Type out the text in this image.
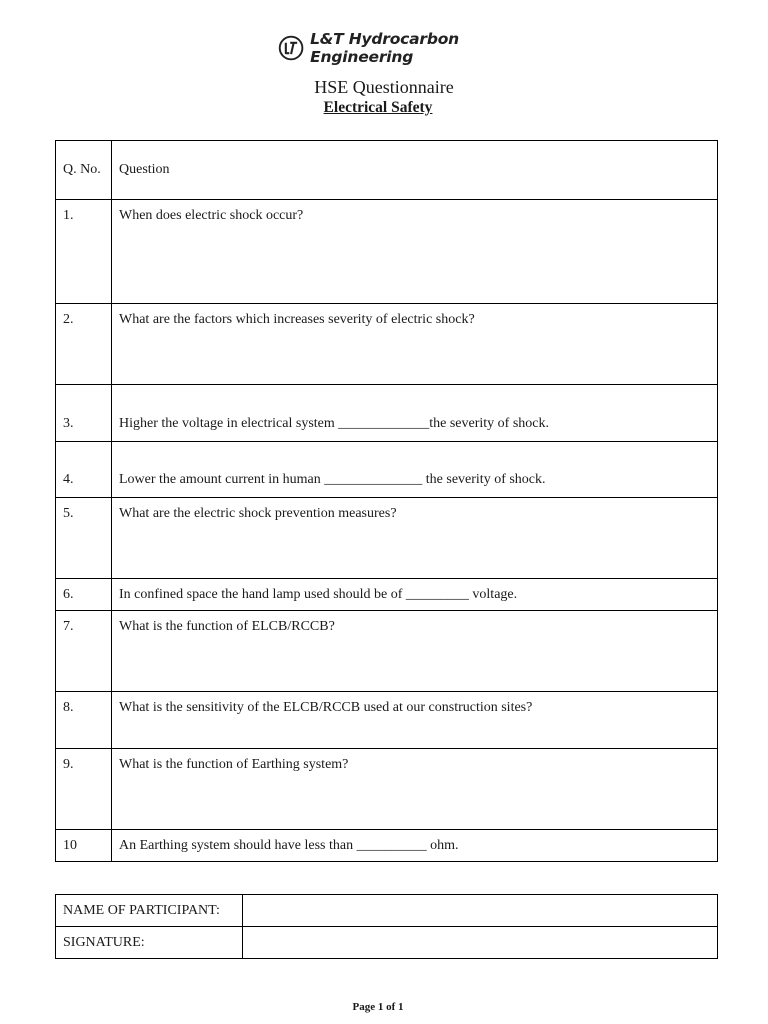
L&T Hydrocarbon Engineering
HSE Questionnaire
Electrical Safety
Q. No.	Question
1.	When does electric shock occur?
2.	What are the factors which increases severity of electric shock?
3.	Higher the voltage in electrical system _____________the severity of shock.
4.	Lower the amount current in human ______________ the severity of shock.
5.	What are the electric shock prevention measures?
6.	In confined space the hand lamp used should be of _________ voltage.
7.	What is the function of ELCB/RCCB?
8.	What is the sensitivity of the ELCB/RCCB used at our construction sites?
9.	What is the function of Earthing system?
10	An Earthing system should have less than __________ ohm.
NAME OF PARTICIPANT:	
SIGNATURE:	
Page 1 of 1
